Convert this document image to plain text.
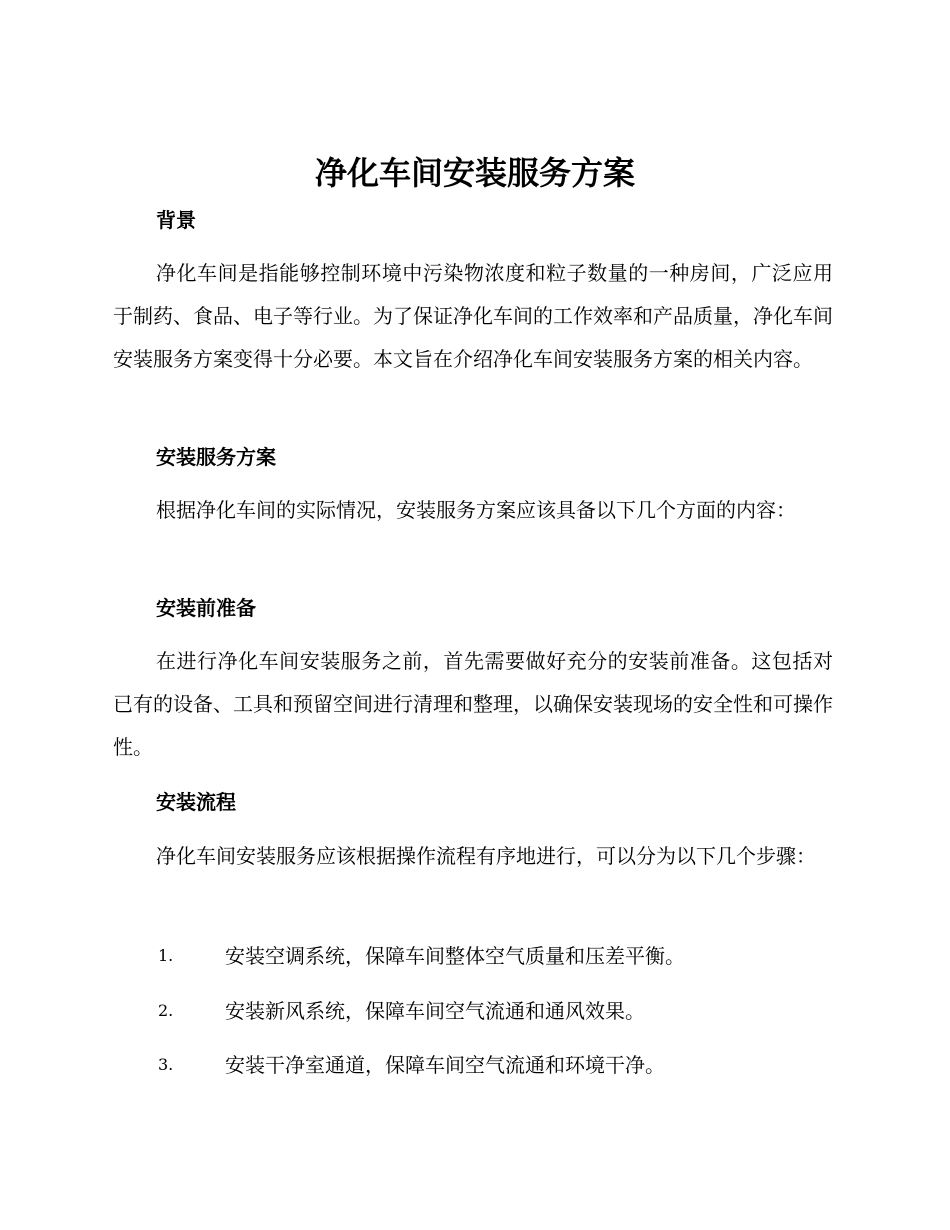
净化车间安装服务方案
背景

净化车间是指能够控制环境中污染物浓度和粒子数量的一种房间，广泛应用于制药、食品、电子等行业。为了保证净化车间的工作效率和产品质量，净化车间安装服务方案变得十分必要。本文旨在介绍净化车间安装服务方案的相关内容。

安装服务方案

根据净化车间的实际情况，安装服务方案应该具备以下几个方面的内容：

安装前准备

在进行净化车间安装服务之前，首先需要做好充分的安装前准备。这包括对已有的设备、工具和预留空间进行清理和整理，以确保安装现场的安全性和可操作性。

安装流程

净化车间安装服务应该根据操作流程有序地进行，可以分为以下几个步骤：

1.	安装空调系统，保障车间整体空气质量和压差平衡。
2.	安装新风系统，保障车间空气流通和通风效果。
3.	安装干净室通道，保障车间空气流通和环境干净。
